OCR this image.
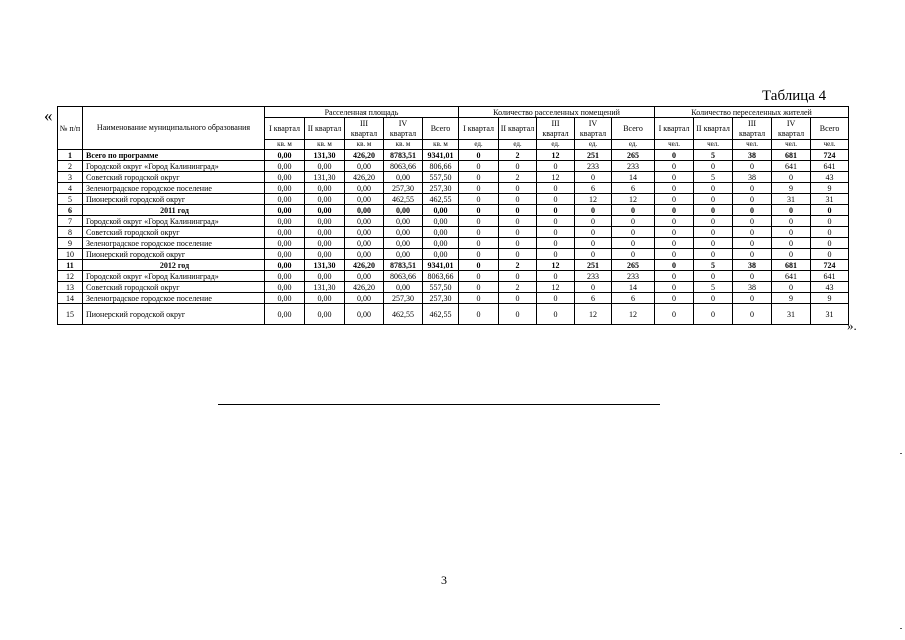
Таблица 4
«
№ п/п	Наименование муниципального образования	Расселенная площадь					Количество расселенных помещений					Количество переселенных жителей				
		I квартал	II квартал	III квартал	IV квартал	Всего	I квартал	II квартал	III квартал	IV квартал	Всего	I квартал	II квартал	III квартал	IV квартал	Всего
		кв. м	кв. м	кв. м	кв. м	кв. м	ед.	ед.	ед.	ед.	ед.	чел.	чел.	чел.	чел.	чел.
1	Всего по программе	0,00	131,30	426,20	8783,51	9341,01	0	2	12	251	265	0	5	38	681	724
2	Городской округ «Город Калининград»	0,00	0,00	0,00	8063,66	806,66	0	0	0	233	233	0	0	0	641	641
3	Советский городской округ	0,00	131,30	426,20	0,00	557,50	0	2	12	0	14	0	5	38	0	43
4	Зеленоградское городское поселение	0,00	0,00	0,00	257,30	257,30	0	0	0	6	6	0	0	0	9	9
5	Пионерский городской округ	0,00	0,00	0,00	462,55	462,55	0	0	0	12	12	0	0	0	31	31
6	2011 год	0,00	0,00	0,00	0,00	0,00	0	0	0	0	0	0	0	0	0	0
7	Городской округ «Город Калининград»	0,00	0,00	0,00	0,00	0,00	0	0	0	0	0	0	0	0	0	0
8	Советский городской округ	0,00	0,00	0,00	0,00	0,00	0	0	0	0	0	0	0	0	0	0
9	Зеленоградское городское поселение	0,00	0,00	0,00	0,00	0,00	0	0	0	0	0	0	0	0	0	0
10	Пионерский городской округ	0,00	0,00	0,00	0,00	0,00	0	0	0	0	0	0	0	0	0	0
11	2012 год	0,00	131,30	426,20	8783,51	9341,01	0	2	12	251	265	0	5	38	681	724
12	Городской округ «Город Калининград»	0,00	0,00	0,00	8063,66	8063,66	0	0	0	233	233	0	0	0	641	641
13	Советский городской округ	0,00	131,30	426,20	0,00	557,50	0	2	12	0	14	0	5	38	0	43
14	Зеленоградское городское поселение	0,00	0,00	0,00	257,30	257,30	0	0	0	6	6	0	0	0	9	9
15	Пионерский городской округ	0,00	0,00	0,00	462,55	462,55	0	0	0	12	12	0	0	0	31	31
».
3
